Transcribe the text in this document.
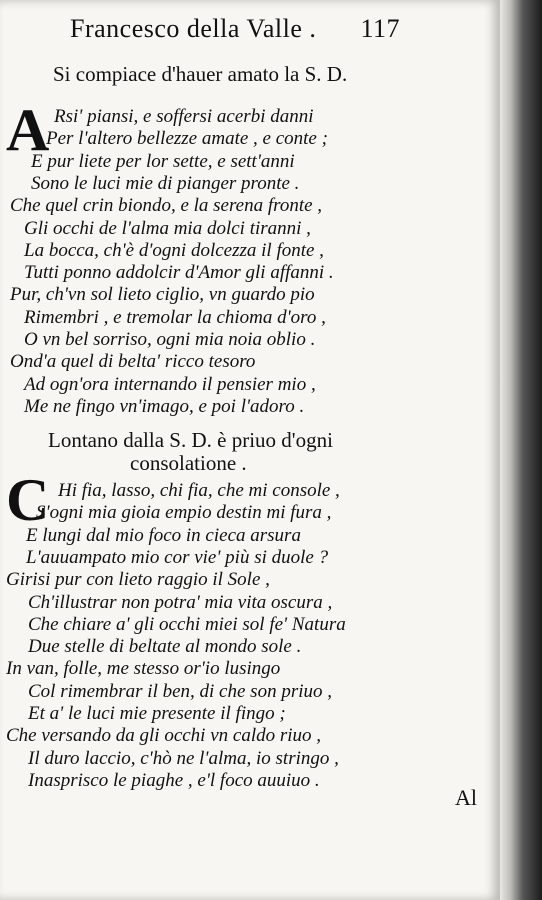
Francesco della Valle . 117
Si compiace d'hauer amato la S. D.
A Rsi' piansi, e soffersi acerbi danni
Per l'altero bellezze amate , e conte ;
E pur liete per lor sette, e sett'anni
Sono le luci mie di pianger pronte .
Che quel crin biondo, e la serena fronte ,
Gli occhi de l'alma mia dolci tiranni ,
La bocca, ch'è d'ogni dolcezza il fonte ,
Tutti ponno addolcir d'Amor gli affanni .
Pur, ch'vn sol lieto ciglio, vn guardo pio
Rimembri , e tremolar la chioma d'oro ,
O vn bel sorriso, ogni mia noia oblio .
Ond'a quel di belta' ricco tesoro
Ad ogn'ora internando il pensier mio ,
Me ne fingo vn'imago, e poi l'adoro .
Lontano dalla S. D. è priuo d'ogni
consolatione .
C Hi fia, lasso, chi fia, che mi console ,
S'ogni mia gioia empio destin mi fura ,
E lungi dal mio foco in cieca arsura
L'auuampato mio cor vie' più si duole ?
Girisi pur con lieto raggio il Sole ,
Ch'illustrar non potra' mia vita oscura ,
Che chiare a' gli occhi miei sol fe' Natura
Due stelle di beltate al mondo sole .
In van, folle, me stesso or'io lusingo
Col rimembrar il ben, di che son priuo ,
Et a' le luci mie presente il fingo ;
Che versando da gli occhi vn caldo riuo ,
Il duro laccio, c'hò ne l'alma, io stringo ,
Inasprisco le piaghe , e'l foco auuiuo .
Al
